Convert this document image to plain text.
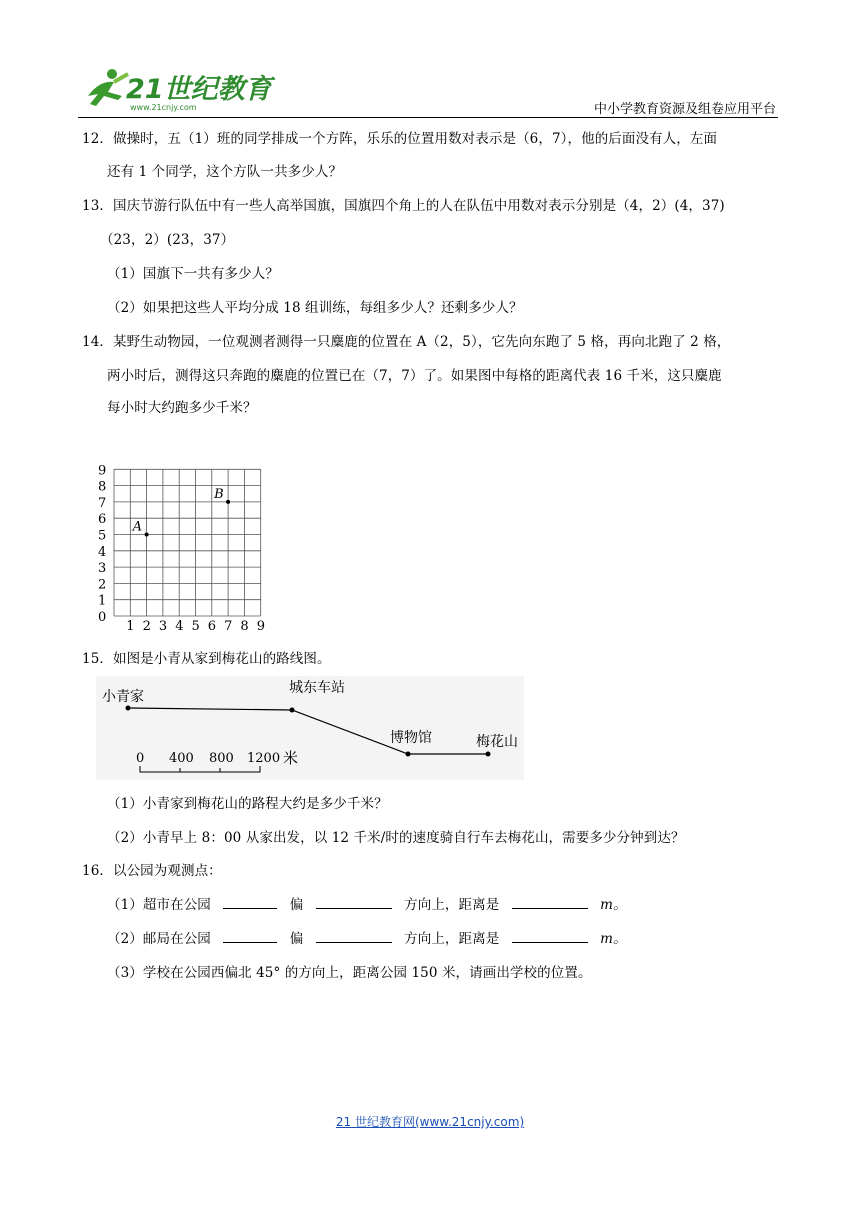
21世纪教育
www.21cnjy.com	中小学教育资源及组卷应用平台
12．做操时，五（1）班的同学排成一个方阵，乐乐的位置用数对表示是（6，7），他的后面没有人，左面
还有 1 个同学，这个方队一共多少人？
13．国庆节游行队伍中有一些人高举国旗，国旗四个角上的人在队伍中用数对表示分别是（4，2）(4，37)
（23，2）(23，37）
（1）国旗下一共有多少人？
（2）如果把这些人平均分成 18 组训练，每组多少人？还剩多少人？
14．某野生动物园，一位观测者测得一只麋鹿的位置在 A（2，5），它先向东跑了 5 格，再向北跑了 2 格，
两小时后，测得这只奔跑的麋鹿的位置已在（7，7）了。如果图中每格的距离代表 16 千米，这只麋鹿
每小时大约跑多少千米？
1 2 3 4 5 6 7 8 9
0
1
2
3
4
5
6
7
8
9
A
B
15．如图是小青从家到梅花山的路线图。
小青家
城东车站
博物馆	梅花山
0 400 800 1200 米
（1）小青家到梅花山的路程大约是多少千米？
（2）小青早上 8：00 从家出发，以 12 千米/时的速度骑自行车去梅花山，需要多少分钟到达？
16．以公园为观测点：
（1）超市在公园	偏	方向上，距离是	m。
（2）邮局在公园	偏	方向上，距离是	m。
（3）学校在公园西偏北 45° 的方向上，距离公园 150 米，请画出学校的位置。
21 世纪教育网(www.21cnjy.com)
